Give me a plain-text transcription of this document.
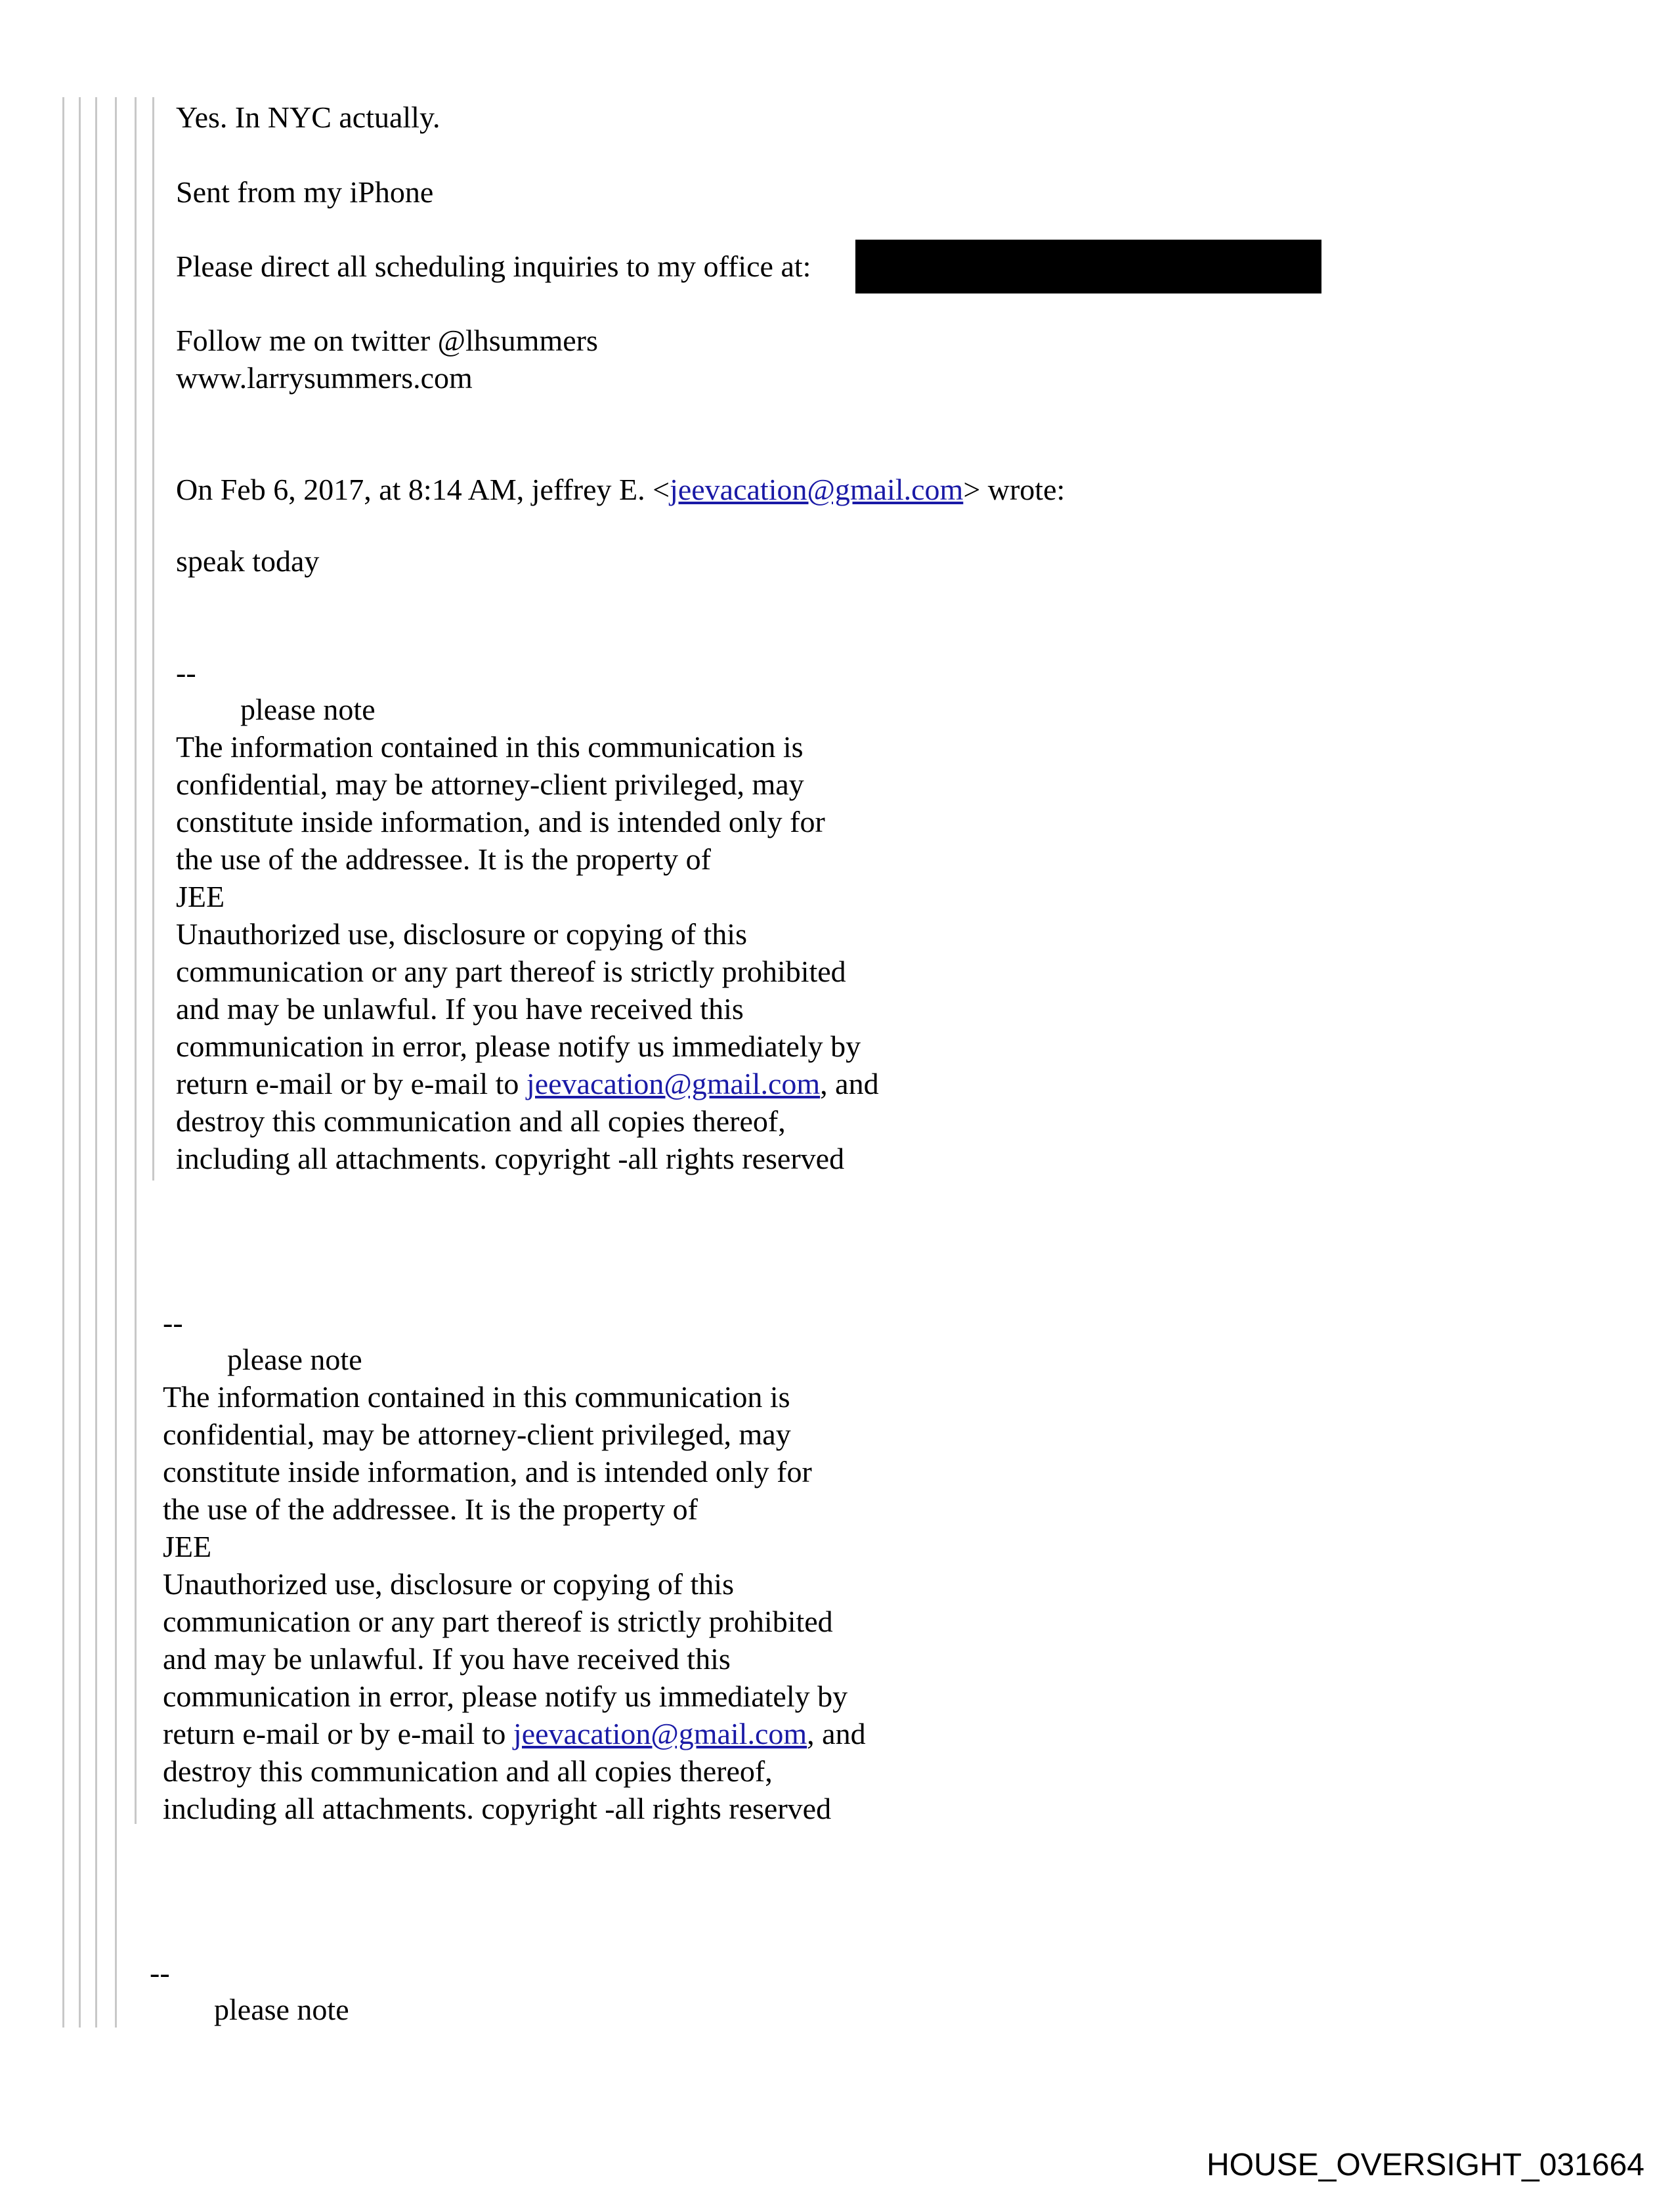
Yes. In NYC actually.

Sent from my iPhone

Please direct all scheduling inquiries to my office at:

Follow me on twitter @lhsummers

www.larrysummers.com

On Feb 6, 2017, at 8:14 AM, jeffrey E. <jeevacation@gmail.com> wrote:

speak today

--

please note

The information contained in this communication is

confidential, may be attorney-client privileged, may

constitute inside information, and is intended only for

the use of the addressee. It is the property of

JEE

Unauthorized use, disclosure or copying of this

communication or any part thereof is strictly prohibited

and may be unlawful. If you have received this

communication in error, please notify us immediately by

return e-mail or by e-mail to jeevacation@gmail.com, and

destroy this communication and all copies thereof,

including all attachments. copyright -all rights reserved

--

please note

The information contained in this communication is

confidential, may be attorney-client privileged, may

constitute inside information, and is intended only for

the use of the addressee. It is the property of

JEE

Unauthorized use, disclosure or copying of this

communication or any part thereof is strictly prohibited

and may be unlawful. If you have received this

communication in error, please notify us immediately by

return e-mail or by e-mail to jeevacation@gmail.com, and

destroy this communication and all copies thereof,

including all attachments. copyright -all rights reserved

--

please note

HOUSE_OVERSIGHT_031664
